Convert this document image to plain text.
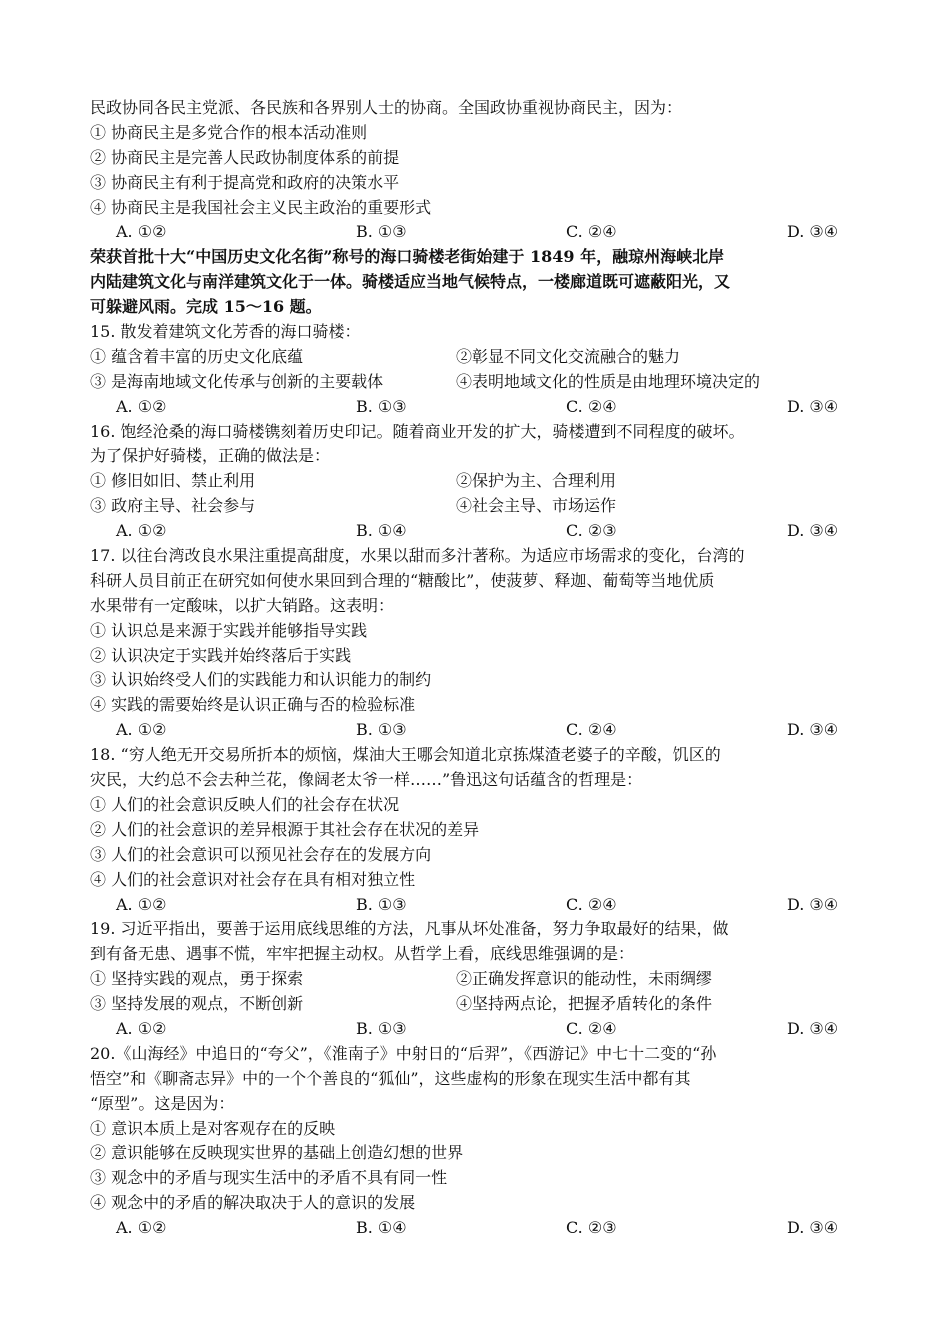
民政协同各民主党派、各民族和各界别人士的协商。全国政协重视协商民主，因为：
① 协商民主是多党合作的根本活动准则
② 协商民主是完善人民政协制度体系的前提
③ 协商民主有利于提高党和政府的决策水平
④ 协商民主是我国社会主义民主政治的重要形式
A. ①②	B. ①③	C. ②④	D. ③④
荣获首批十大“中国历史文化名街”称号的海口骑楼老街始建于 1849 年，融琼州海峡北岸
内陆建筑文化与南洋建筑文化于一体。骑楼适应当地气候特点，一楼廊道既可遮蔽阳光，又
可躲避风雨。完成 15～16 题。
15. 散发着建筑文化芳香的海口骑楼：
① 蕴含着丰富的历史文化底蕴	②彰显不同文化交流融合的魅力
③ 是海南地域文化传承与创新的主要载体	④表明地域文化的性质是由地理环境决定的
A. ①②	B. ①③	C. ②④	D. ③④
16. 饱经沧桑的海口骑楼镌刻着历史印记。随着商业开发的扩大，骑楼遭到不同程度的破坏。
为了保护好骑楼，正确的做法是：
① 修旧如旧、禁止利用	②保护为主、合理利用
③ 政府主导、社会参与	④社会主导、市场运作
A. ①②	B. ①④	C. ②③	D. ③④
17. 以往台湾改良水果注重提高甜度，水果以甜而多汁著称。为适应市场需求的变化，台湾的
科研人员目前正在研究如何使水果回到合理的“糖酸比”，使菠萝、释迦、葡萄等当地优质
水果带有一定酸味，以扩大销路。这表明：
① 认识总是来源于实践并能够指导实践
② 认识决定于实践并始终落后于实践
③ 认识始终受人们的实践能力和认识能力的制约
④ 实践的需要始终是认识正确与否的检验标准
A. ①②	B. ①③	C. ②④	D. ③④
18. “穷人绝无开交易所折本的烦恼，煤油大王哪会知道北京拣煤渣老婆子的辛酸，饥区的
灾民，大约总不会去种兰花，像阔老太爷一样……”鲁迅这句话蕴含的哲理是：
① 人们的社会意识反映人们的社会存在状况
② 人们的社会意识的差异根源于其社会存在状况的差异
③ 人们的社会意识可以预见社会存在的发展方向
④ 人们的社会意识对社会存在具有相对独立性
A. ①②	B. ①③	C. ②④	D. ③④
19. 习近平指出，要善于运用底线思维的方法，凡事从坏处准备，努力争取最好的结果，做
到有备无患、遇事不慌，牢牢把握主动权。从哲学上看，底线思维强调的是：
① 坚持实践的观点，勇于探索	②正确发挥意识的能动性，未雨绸缪
③ 坚持发展的观点，不断创新	④坚持两点论，把握矛盾转化的条件
A. ①②	B. ①③	C. ②④	D. ③④
20.《山海经》中追日的“夸父”，《淮南子》中射日的“后羿”，《西游记》中七十二变的“孙
悟空”和《聊斋志异》中的一个个善良的“狐仙”，这些虚构的形象在现实生活中都有其
“原型”。这是因为：
① 意识本质上是对客观存在的反映
② 意识能够在反映现实世界的基础上创造幻想的世界
③ 观念中的矛盾与现实生活中的矛盾不具有同一性
④ 观念中的矛盾的解决取决于人的意识的发展
A. ①②	B. ①④	C. ②③	D. ③④
